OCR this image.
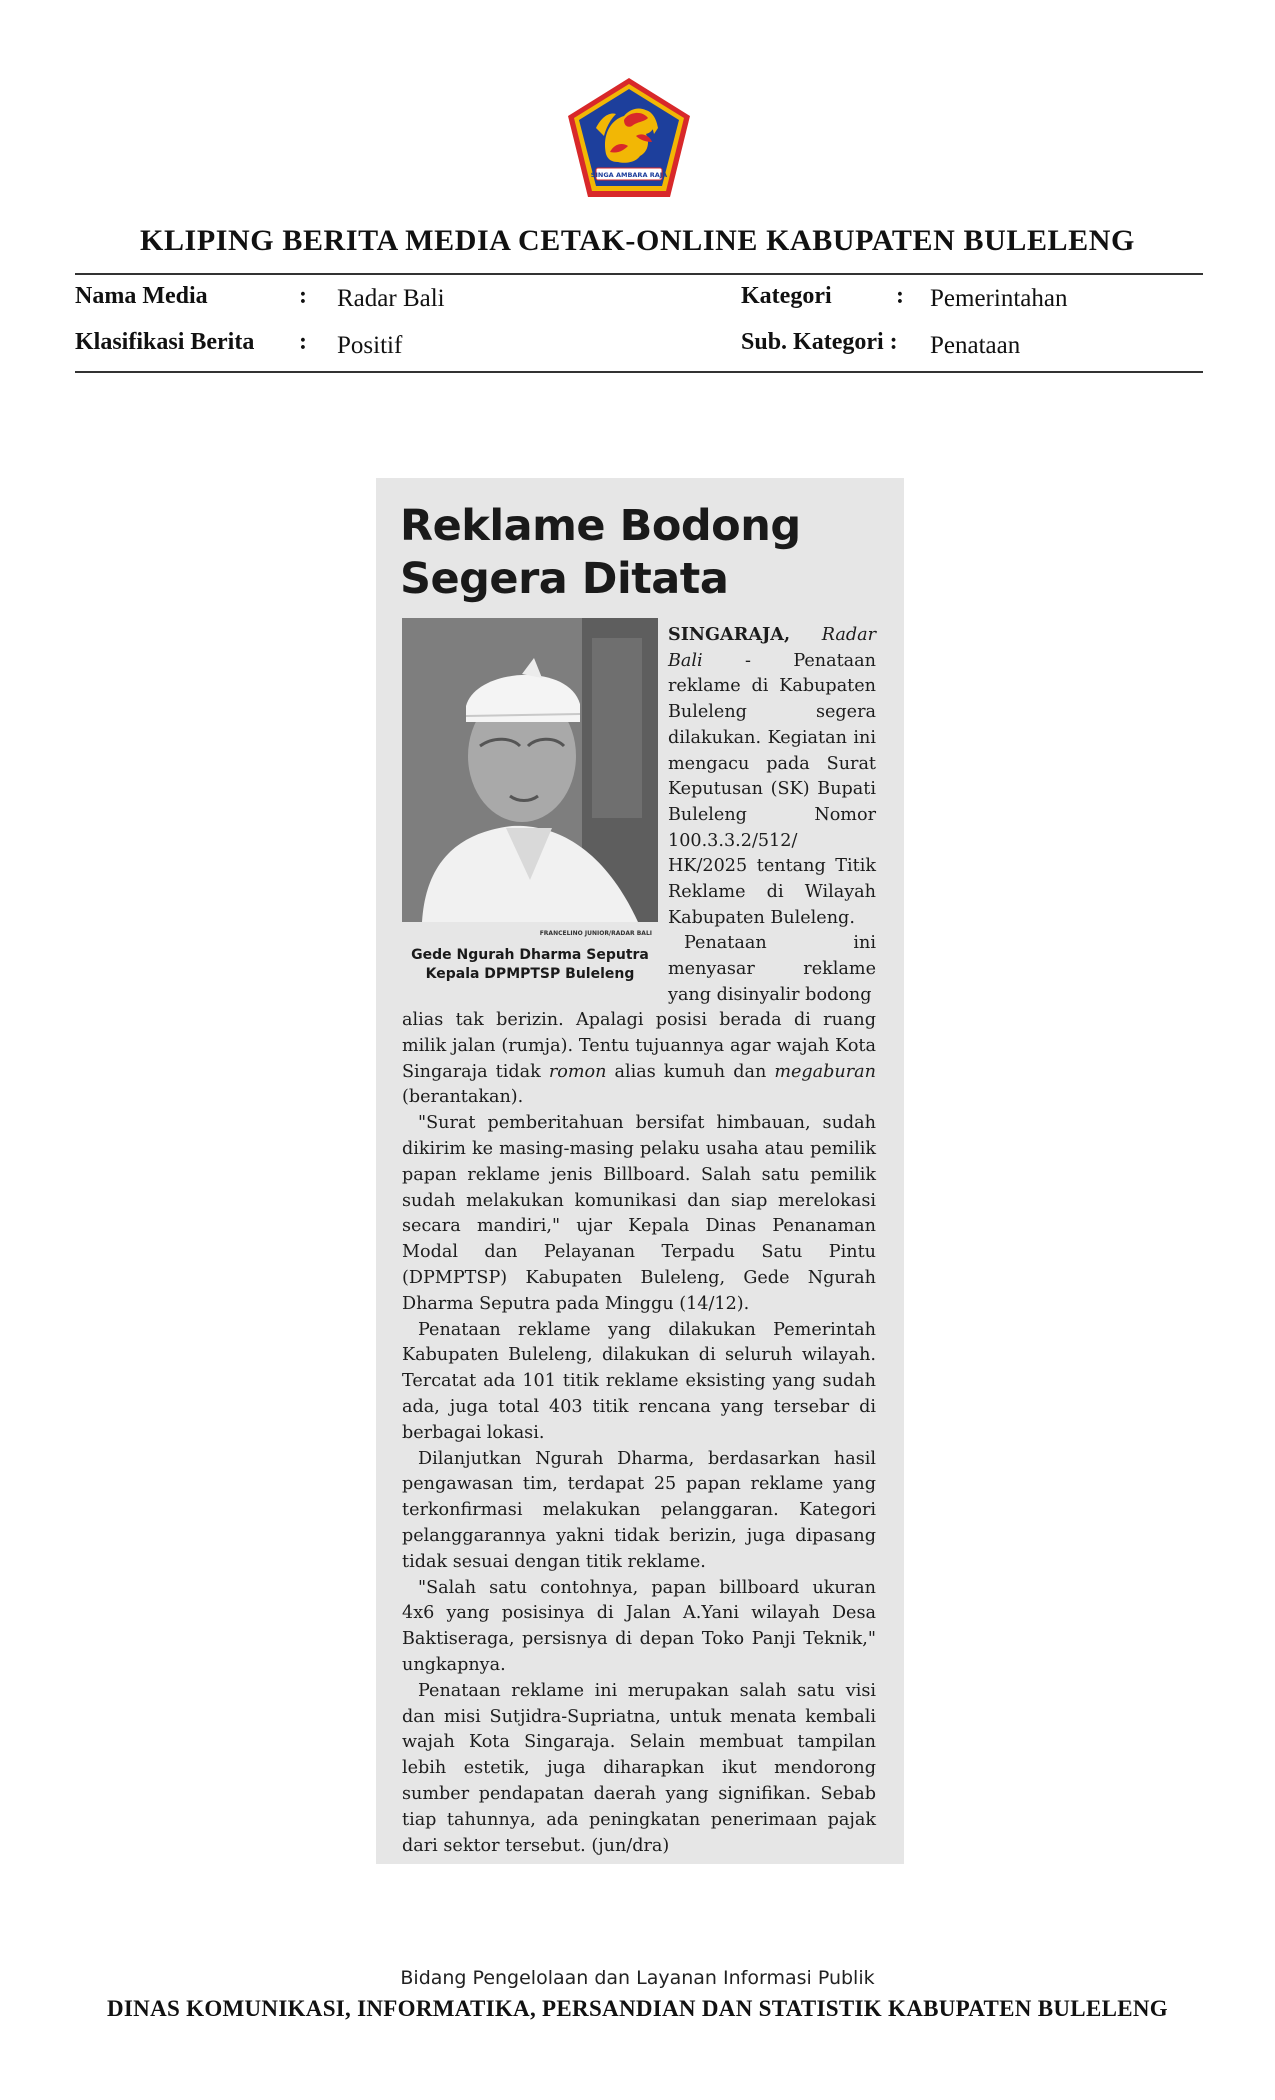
SINGA AMBARA RAJA
KLIPING BERITA MEDIA CETAK-ONLINE KABUPATEN BULELENG
Nama Media	: Radar Bali	Kategori	: Pemerintahan
Klasifikasi Berita : Positif	Sub. Kategori : Penataan
Reklame Bodong
Segera Ditata
FRANCELINO JUNIOR/RADAR BALI
Gede Ngurah Dharma Seputra
Kepala DPMPTSP Buleleng

SINGARAJA, Radar Bali - Penataan reklame di Kabupaten Buleleng segera dilakukan. Kegiatan ini mengacu pada Surat Keputusan (SK) Bupati Buleleng Nomor 100.3.3.2/512/ HK/2025 tentang Titik Reklame di Wilayah Kabupaten Buleleng.

Penataan ini menyasar reklame yang disinyalir bodong

alias tak berizin. Apalagi posisi berada di ruang milik jalan (rumja). Tentu tujuannya agar wajah Kota Singaraja tidak romon alias kumuh dan megaburan (berantakan).

"Surat pemberitahuan bersifat himbauan, sudah dikirim ke masing-masing pelaku usaha atau pemilik papan reklame jenis Billboard. Salah satu pemilik sudah melakukan komunikasi dan siap merelokasi secara mandiri," ujar Kepala Dinas Penanaman Modal dan Pelayanan Terpadu Satu Pintu (DPMPTSP) Kabupaten Buleleng, Gede Ngurah Dharma Seputra pada Minggu (14/12).

Penataan reklame yang dilakukan Pemerintah Kabupaten Buleleng, dilakukan di seluruh wilayah. Tercatat ada 101 titik reklame eksisting yang sudah ada, juga total 403 titik rencana yang tersebar di berbagai lokasi.

Dilanjutkan Ngurah Dharma, berdasarkan hasil pengawasan tim, terdapat 25 papan reklame yang terkonfirmasi melakukan pelanggaran. Kategori pelanggarannya yakni tidak berizin, juga dipasang tidak sesuai dengan titik reklame.

"Salah satu contohnya, papan billboard ukuran 4x6 yang posisinya di Jalan A.Yani wilayah Desa Baktiseraga, persisnya di depan Toko Panji Teknik," ungkapnya.

Penataan reklame ini merupakan salah satu visi dan misi Sutjidra-Supriatna, untuk menata kembali wajah Kota Singaraja. Selain membuat tampilan lebih estetik, juga diharapkan ikut mendorong sumber pendapatan daerah yang signifikan. Sebab tiap tahunnya, ada peningkatan penerimaan pajak dari sektor tersebut. (jun/dra)

Bidang Pengelolaan dan Layanan Informasi Publik
DINAS KOMUNIKASI, INFORMATIKA, PERSANDIAN DAN STATISTIK KABUPATEN BULELENG
